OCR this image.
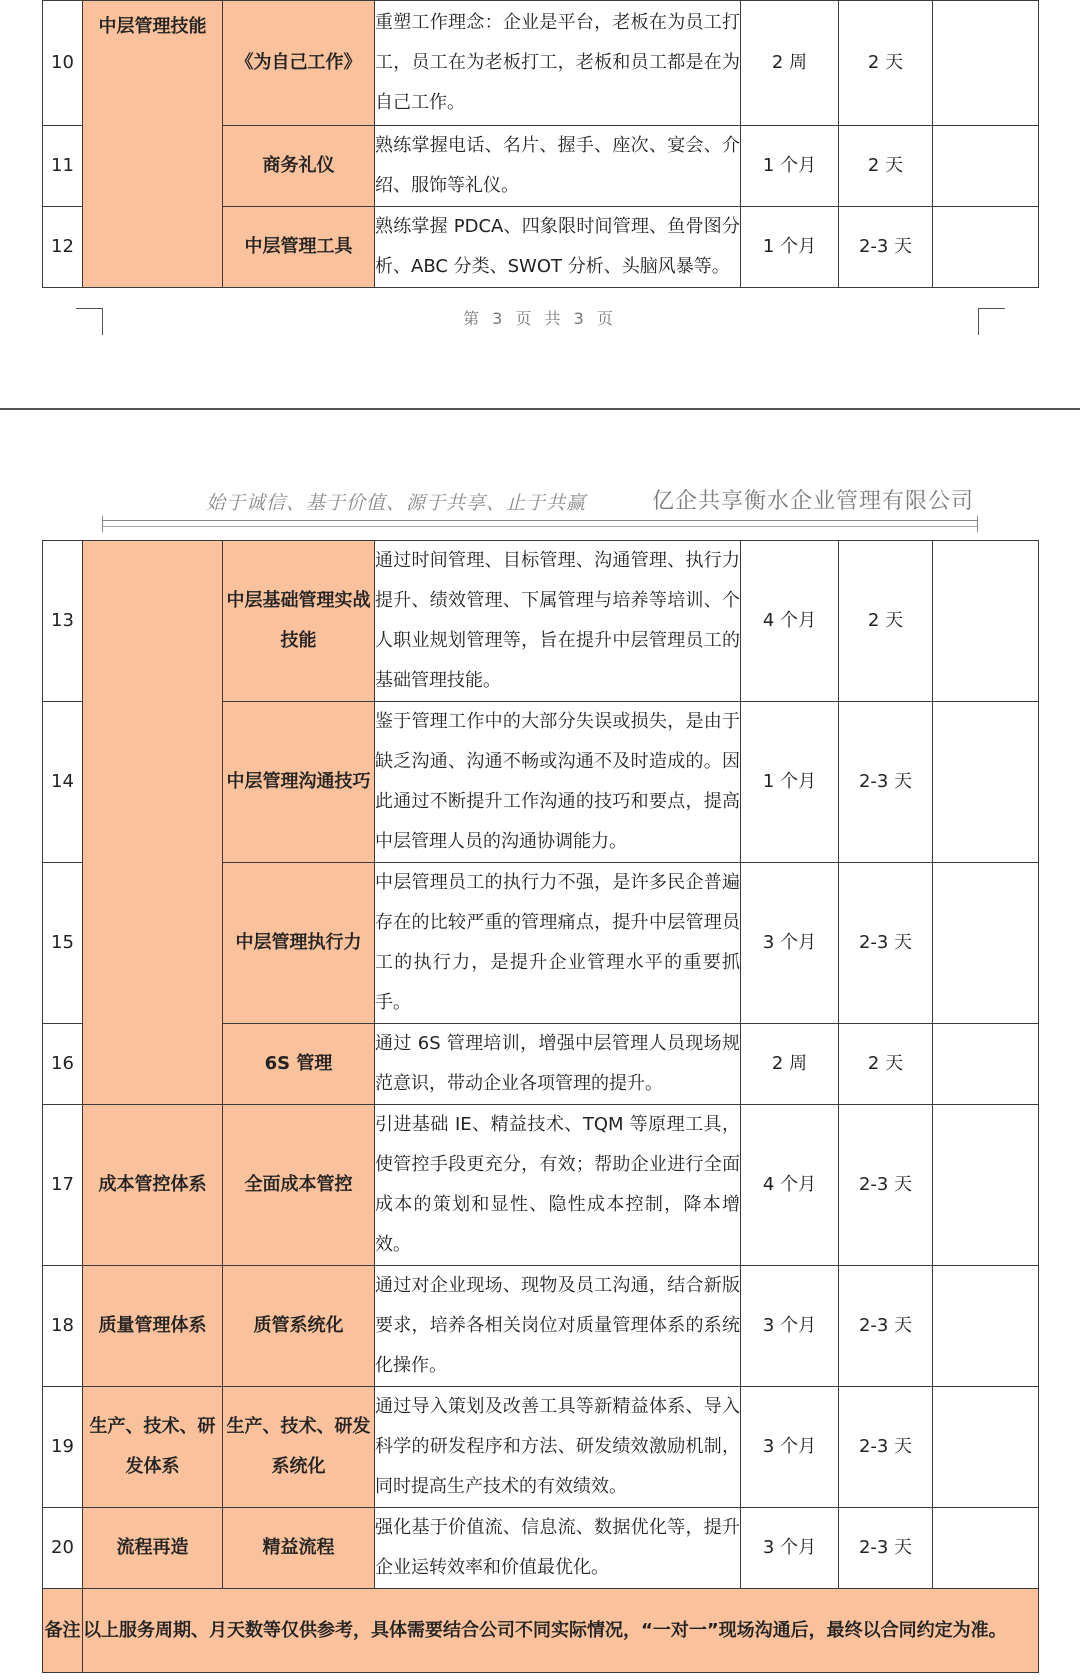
10	中层管理技能	《为自己工作》	重塑工作理念：企业是平台，老板在为员工打工，员工在为老板打工，老板和员工都是在为自己工作。	2 周	2 天	
11		商务礼仪	熟练掌握电话、名片、握手、座次、宴会、介绍、服饰等礼仪。	1 个月	2 天	
12		中层管理工具	熟练掌握 PDCA、四象限时间管理、鱼骨图分析、ABC 分类、SWOT 分析、头脑风暴等。	1 个月	2-3 天	
第 3 页 共 3 页
始于诚信、基于价值、源于共享、止于共赢	亿企共享衡水企业管理有限公司
13		中层基础管理实战技能	通过时间管理、目标管理、沟通管理、执行力提升、绩效管理、下属管理与培养等培训、个人职业规划管理等，旨在提升中层管理员工的基础管理技能。	4 个月	2 天	
14		中层管理沟通技巧	鉴于管理工作中的大部分失误或损失，是由于缺乏沟通、沟通不畅或沟通不及时造成的。因此通过不断提升工作沟通的技巧和要点，提高中层管理人员的沟通协调能力。	1 个月	2-3 天	
15		中层管理执行力	中层管理员工的执行力不强，是许多民企普遍存在的比较严重的管理痛点，提升中层管理员工的执行力，是提升企业管理水平的重要抓手。	3 个月	2-3 天	
16		6S 管理	通过 6S 管理培训，增强中层管理人员现场规范意识，带动企业各项管理的提升。	2 周	2 天	
17	成本管控体系	全面成本管控	引进基础 IE、精益技术、TQM 等原理工具，使管控手段更充分，有效；帮助企业进行全面成本的策划和显性、隐性成本控制，降本增效。	4 个月	2-3 天	
18	质量管理体系	质管系统化	通过对企业现场、现物及员工沟通，结合新版要求，培养各相关岗位对质量管理体系的系统化操作。	3 个月	2-3 天	
19	生产、技术、研发体系	生产、技术、研发系统化	通过导入策划及改善工具等新精益体系、导入科学的研发程序和方法、研发绩效激励机制，同时提高生产技术的有效绩效。	3 个月	2-3 天	
20	流程再造	精益流程	强化基于价值流、信息流、数据优化等，提升企业运转效率和价值最优化。	3 个月	2-3 天	
备注	以上服务周期、月天数等仅供参考，具体需要结合公司不同实际情况，“一对一”现场沟通后，最终以合同约定为准。					
